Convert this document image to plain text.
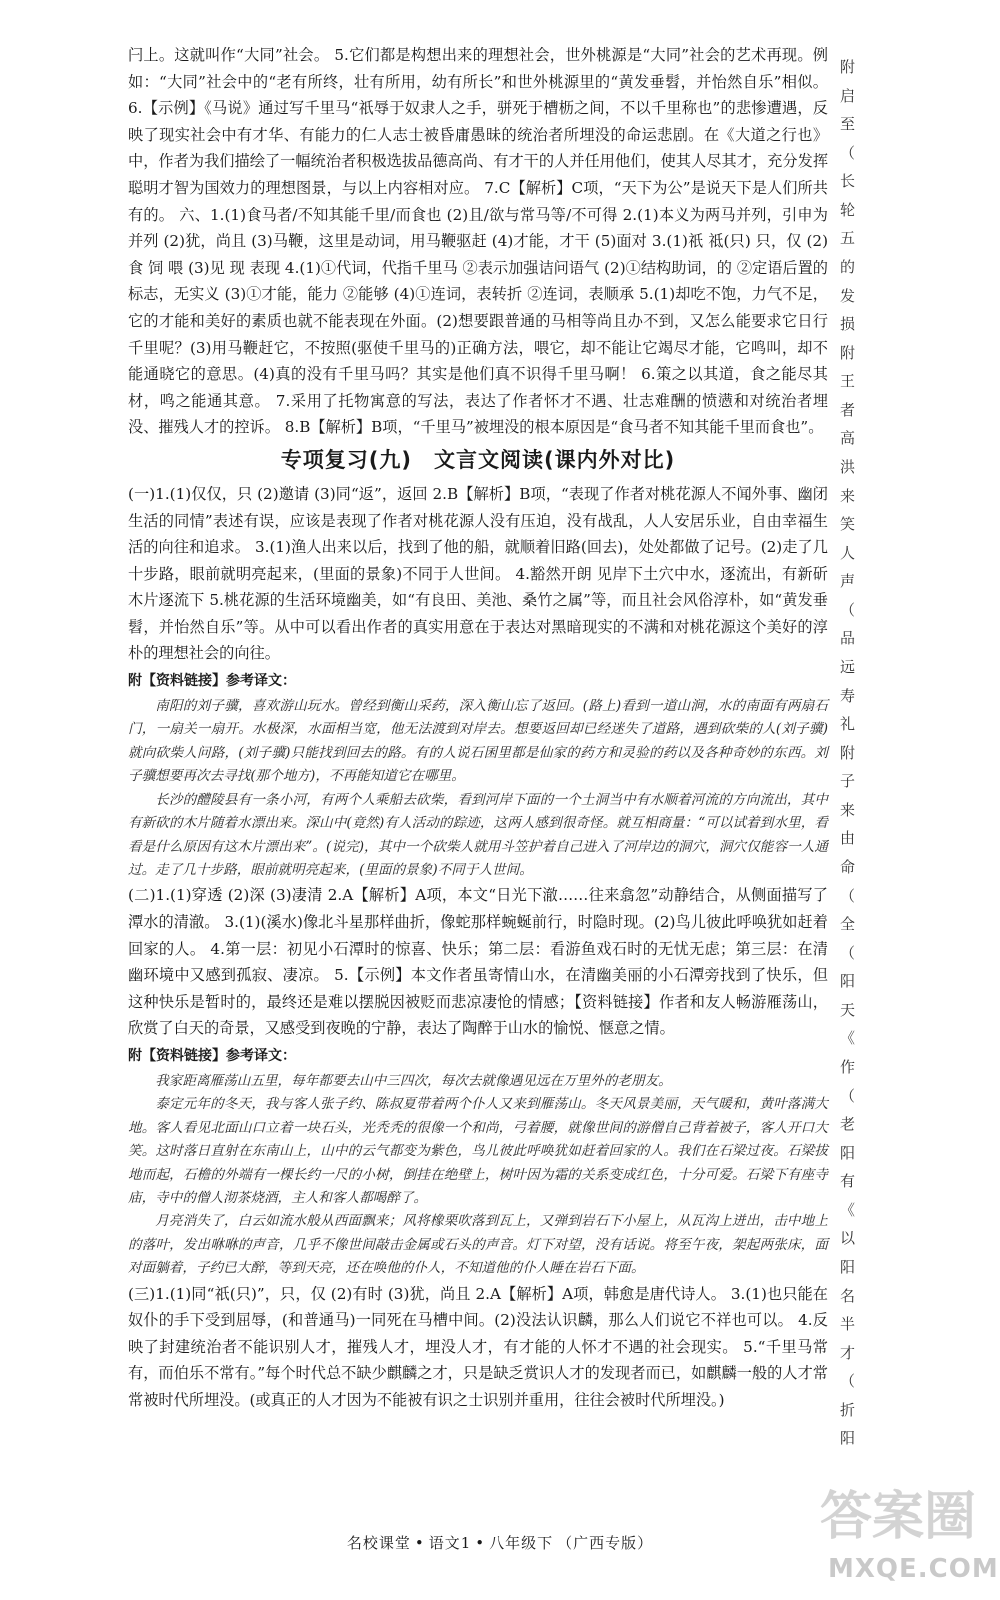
闩上。这就叫作“大同”社会。 5.它们都是构想出来的理想社会，世外桃源是“大同”社会的艺术再现。例如：“大同”社会中的“老有所终，壮有所用，幼有所长”和世外桃源里的“黄发垂髫，并怡然自乐”相似。 6.【示例】《马说》通过写千里马“祇辱于奴隶人之手，骈死于槽枥之间，不以千里称也”的悲惨遭遇，反映了现实社会中有才华、有能力的仁人志士被昏庸愚昧的统治者所埋没的命运悲剧。在《大道之行也》中，作者为我们描绘了一幅统治者积极选拔品德高尚、有才干的人并任用他们，使其人尽其才，充分发挥聪明才智为国效力的理想图景，与以上内容相对应。 7.C【解析】C项，“天下为公”是说天下是人们所共有的。 六、1.(1)食马者/不知其能千里/而食也 (2)且/欲与常马等/不可得 2.(1)本义为两马并列，引申为并列 (2)犹，尚且 (3)马鞭，这里是动词，用马鞭驱赶 (4)才能，才干 (5)面对 3.(1)祇 祗(只) 只，仅 (2)食 饲 喂 (3)见 现 表现 4.(1)①代词，代指千里马 ②表示加强诘问语气 (2)①结构助词，的 ②定语后置的标志，无实义 (3)①才能，能力 ②能够 (4)①连词，表转折 ②连词，表顺承 5.(1)却吃不饱，力气不足，它的才能和美好的素质也就不能表现在外面。(2)想要跟普通的马相等尚且办不到，又怎么能要求它日行千里呢？(3)用马鞭赶它，不按照(驱使千里马的)正确方法，喂它，却不能让它竭尽才能，它鸣叫，却不能通晓它的意思。(4)真的没有千里马吗？其实是他们真不识得千里马啊！ 6.策之以其道，食之能尽其材，鸣之能通其意。 7.采用了托物寓意的写法，表达了作者怀才不遇、壮志难酬的愤懑和对统治者埋没、摧残人才的控诉。 8.B【解析】B项，“千里马”被埋没的根本原因是“食马者不知其能千里而食也”。

专项复习(九)　文言文阅读(课内外对比)

(一)1.(1)仅仅，只 (2)邀请 (3)同“返”，返回 2.B【解析】B项，“表现了作者对桃花源人不闻外事、幽闭生活的同情”表述有误，应该是表现了作者对桃花源人没有压迫，没有战乱，人人安居乐业，自由幸福生活的向往和追求。 3.(1)渔人出来以后，找到了他的船，就顺着旧路(回去)，处处都做了记号。(2)走了几十步路，眼前就明亮起来，(里面的景象)不同于人世间。 4.豁然开朗 见岸下土穴中水，逐流出，有新斫木片逐流下 5.桃花源的生活环境幽美，如“有良田、美池、桑竹之属”等，而且社会风俗淳朴，如“黄发垂髫，并怡然自乐”等。从中可以看出作者的真实用意在于表达对黑暗现实的不满和对桃花源这个美好的淳朴的理想社会的向往。

附【资料链接】参考译文：

南阳的刘子骥，喜欢游山玩水。曾经到衡山采药，深入衡山忘了返回。(路上)看到一道山涧，水的南面有两扇石门，一扇关一扇开。水极深，水面相当宽，他无法渡到对岸去。想要返回却已经迷失了道路，遇到砍柴的人(刘子骥)就向砍柴人问路，(刘子骥)只能找到回去的路。有的人说石囷里都是仙家的药方和灵验的药以及各种奇妙的东西。刘子骥想要再次去寻找(那个地方)，不再能知道它在哪里。

长沙的醴陵县有一条小河，有两个人乘船去砍柴，看到河岸下面的一个土洞当中有水顺着河流的方向流出，其中有新砍的木片随着水漂出来。深山中(竟然)有人活动的踪迹，这两人感到很奇怪。就互相商量：“可以试着到水里，看看是什么原因有这木片漂出来”。(说完)，其中一个砍柴人就用斗笠护着自己进入了河岸边的洞穴，洞穴仅能容一人通过。走了几十步路，眼前就明亮起来，(里面的景象)不同于人世间。

(二)1.(1)穿透 (2)深 (3)凄清 2.A【解析】A项，本文“日光下澈……往来翕忽”动静结合，从侧面描写了潭水的清澈。 3.(1)(溪水)像北斗星那样曲折，像蛇那样蜿蜒前行，时隐时现。(2)鸟儿彼此呼唤犹如赶着回家的人。 4.第一层：初见小石潭时的惊喜、快乐；第二层：看游鱼戏石时的无忧无虑；第三层：在清幽环境中又感到孤寂、凄凉。 5.【示例】本文作者虽寄情山水，在清幽美丽的小石潭旁找到了快乐，但这种快乐是暂时的，最终还是难以摆脱因被贬而悲凉凄怆的情感；【资料链接】作者和友人畅游雁荡山，欣赏了白天的奇景，又感受到夜晚的宁静，表达了陶醉于山水的愉悦、惬意之情。

附【资料链接】参考译文：

我家距离雁荡山五里，每年都要去山中三四次，每次去就像遇见远在万里外的老朋友。

泰定元年的冬天，我与客人张子约、陈叔夏带着两个仆人又来到雁荡山。冬天风景美丽，天气暖和，黄叶落满大地。客人看见北面山口立着一块石头，光秃秃的很像一个和尚，弓着腰，就像世间的游僧自己背着被子，客人开口大笑。这时落日直射在东南山上，山中的云气都变为紫色，鸟儿彼此呼唤犹如赶着回家的人。我们在石梁过夜。石梁拔地而起，石檐的外端有一棵长约一尺的小树，倒挂在绝壁上，树叶因为霜的关系变成红色，十分可爱。石梁下有座寺庙，寺中的僧人沏茶烧酒，主人和客人都喝醉了。

月亮消失了，白云如流水般从西面飘来；风将橡栗吹落到瓦上，又弹到岩石下小屋上，从瓦沟上迸出，击中地上的落叶，发出咻咻的声音，几乎不像世间敲击金属或石头的声音。灯下对望，没有话说。将至午夜，架起两张床，面对面躺着，子约已大醉，等到天亮，还在唤他的仆人，不知道他的仆人睡在岩石下面。

(三)1.(1)同“祇(只)”，只，仅 (2)有时 (3)犹，尚且 2.A【解析】A项，韩愈是唐代诗人。 3.(1)也只能在奴仆的手下受到屈辱，(和普通马)一同死在马槽中间。(2)没法认识麟，那么人们说它不祥也可以。 4.反映了封建统治者不能识别人才，摧残人才，埋没人才，有才能的人怀才不遇的社会现实。 5.“千里马常有，而伯乐不常有。”每个时代总不缺少麒麟之才，只是缺乏赏识人才的发现者而已，如麒麟一般的人才常常被时代所埋没。(或真正的人才因为不能被有识之士识别并重用，往往会被时代所埋没。)

附
启
至
（
长
轮
五
的
发
损
附
王
者
高
洪
来
笑
人
声
（
品
远
寿
礼
附
子
来
由
命
（
全
（
阳
天
《
作
（
老
阳
有
《
以
阳
名
半
才
（
折
阳
名校课堂 • 语文1 • 八年级下 （广西专版）	答案圈
MXQE.COM
